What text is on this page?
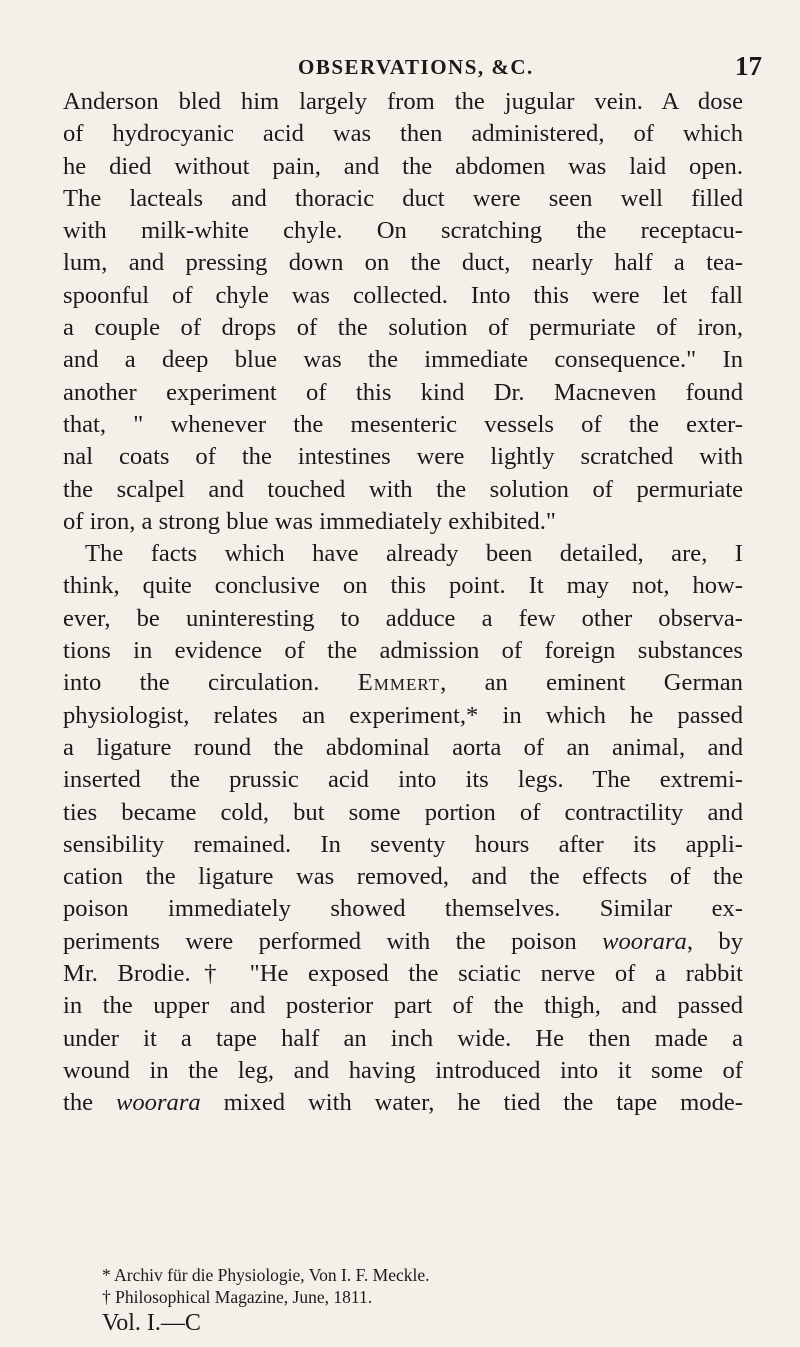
OBSERVATIONS, &C.	17
Anderson bled him largely from the jugular vein. A dose
of hydrocyanic acid was then administered, of which
he died without pain, and the abdomen was laid open.
The lacteals and thoracic duct were seen well filled
with milk-white chyle. On scratching the receptacu-
lum, and pressing down on the duct, nearly half a tea-
spoonful of chyle was collected. Into this were let fall
a couple of drops of the solution of permuriate of iron,
and a deep blue was the immediate consequence." In
another experiment of this kind Dr. Macneven found
that, " whenever the mesenteric vessels of the exter-
nal coats of the intestines were lightly scratched with
the scalpel and touched with the solution of permuriate
of iron, a strong blue was immediately exhibited."
The facts which have already been detailed, are, I
think, quite conclusive on this point. It may not, how-
ever, be uninteresting to adduce a few other observa-
tions in evidence of the admission of foreign substances
into the circulation. Emmert, an eminent German
physiologist, relates an experiment,* in which he passed
a ligature round the abdominal aorta of an animal, and
inserted the prussic acid into its legs. The extremi-
ties became cold, but some portion of contractility and
sensibility remained. In seventy hours after its appli-
cation the ligature was removed, and the effects of the
poison immediately showed themselves. Similar ex-
periments were performed with the poison woorara, by
Mr. Brodie.† "He exposed the sciatic nerve of a rabbit
in the upper and posterior part of the thigh, and passed
under it a tape half an inch wide. He then made a
wound in the leg, and having introduced into it some of
the woorara mixed with water, he tied the tape mode-
* Archiv für die Physiologie, Von I. F. Meckle.
† Philosophical Magazine, June, 1811.
Vol. I.—C
